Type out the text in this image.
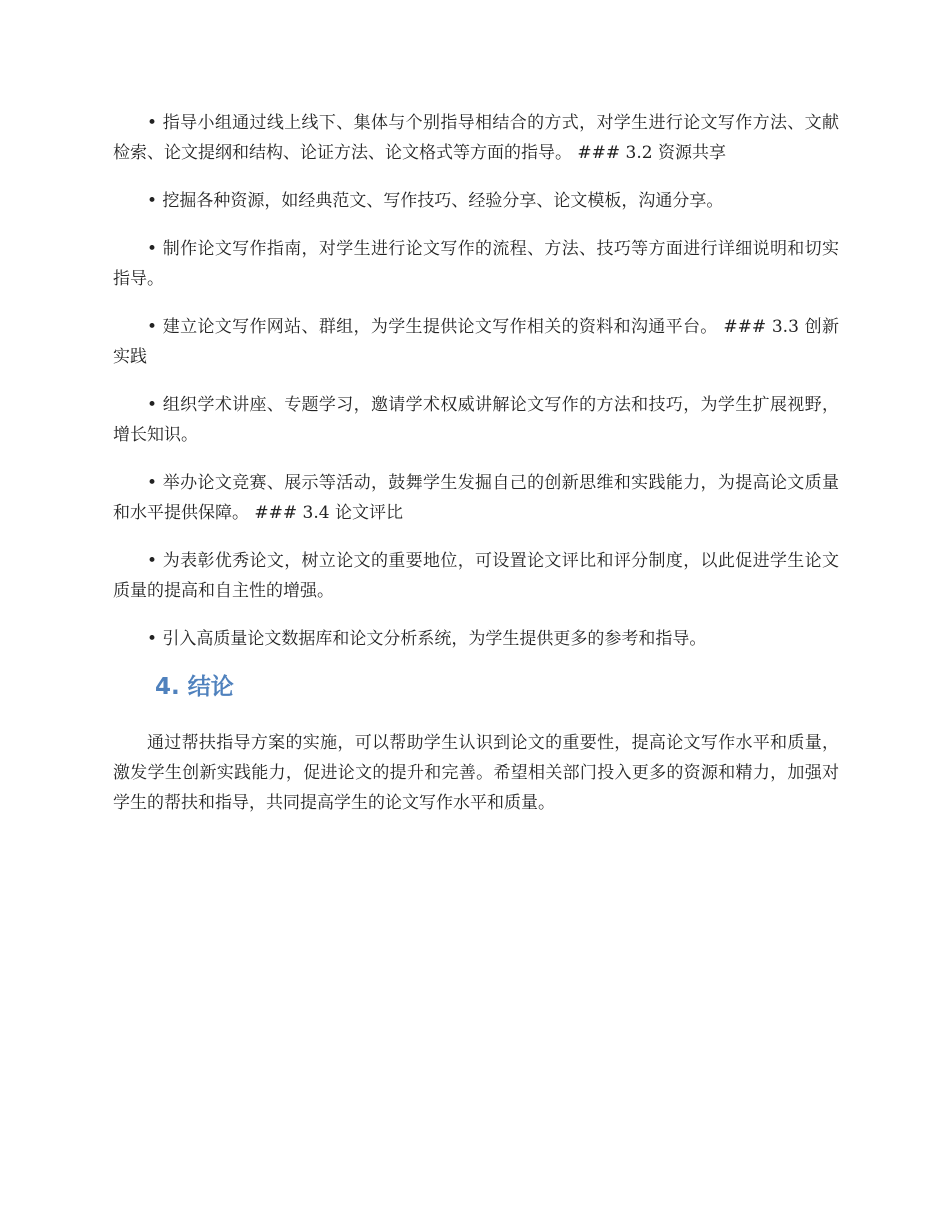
• 指导小组通过线上线下、集体与个别指导相结合的方式，对学生进行论文写作方法、文献检索、论文提纲和结构、论证方法、论文格式等方面的指导。 ### 3.2 资源共享

• 挖掘各种资源，如经典范文、写作技巧、经验分享、论文模板，沟通分享。

• 制作论文写作指南，对学生进行论文写作的流程、方法、技巧等方面进行详细说明和切实指导。

• 建立论文写作网站、群组，为学生提供论文写作相关的资料和沟通平台。 ### 3.3 创新实践

• 组织学术讲座、专题学习，邀请学术权威讲解论文写作的方法和技巧，为学生扩展视野，增长知识。

• 举办论文竞赛、展示等活动，鼓舞学生发掘自己的创新思维和实践能力，为提高论文质量和水平提供保障。 ### 3.4 论文评比

• 为表彰优秀论文，树立论文的重要地位，可设置论文评比和评分制度，以此促进学生论文质量的提高和自主性的增强。

• 引入高质量论文数据库和论文分析系统，为学生提供更多的参考和指导。

4. 结论

通过帮扶指导方案的实施，可以帮助学生认识到论文的重要性，提高论文写作水平和质量，激发学生创新实践能力，促进论文的提升和完善。希望相关部门投入更多的资源和精力，加强对学生的帮扶和指导，共同提高学生的论文写作水平和质量。
